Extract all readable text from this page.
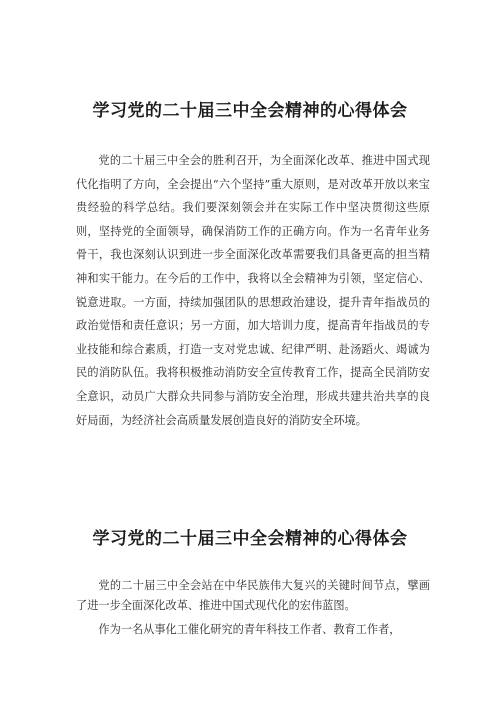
学习党的二十届三中全会精神的心得体会

党的二十届三中全会的胜利召开，为全面深化改革、推进中国式现代化指明了方向，全会提出“六个坚持”重大原则，是对改革开放以来宝贵经验的科学总结。我们要深刻领会并在实际工作中坚决贯彻这些原则，坚持党的全面领导，确保消防工作的正确方向。作为一名青年业务骨干，我也深刻认识到进一步全面深化改革需要我们具备更高的担当精神和实干能力。在今后的工作中，我将以全会精神为引领，坚定信心、锐意进取。一方面，持续加强团队的思想政治建设，提升青年指战员的政治觉悟和责任意识；另一方面，加大培训力度，提高青年指战员的专业技能和综合素质，打造一支对党忠诚、纪律严明、赴汤蹈火、竭诚为民的消防队伍。我将积极推动消防安全宣传教育工作，提高全民消防安全意识，动员广大群众共同参与消防安全治理，形成共建共治共享的良好局面，为经济社会高质量发展创造良好的消防安全环境。

学习党的二十届三中全会精神的心得体会

党的二十届三中全会站在中华民族伟大复兴的关键时间节点，擘画了进一步全面深化改革、推进中国式现代化的宏伟蓝图。

作为一名从事化工催化研究的青年科技工作者、教育工作者，
